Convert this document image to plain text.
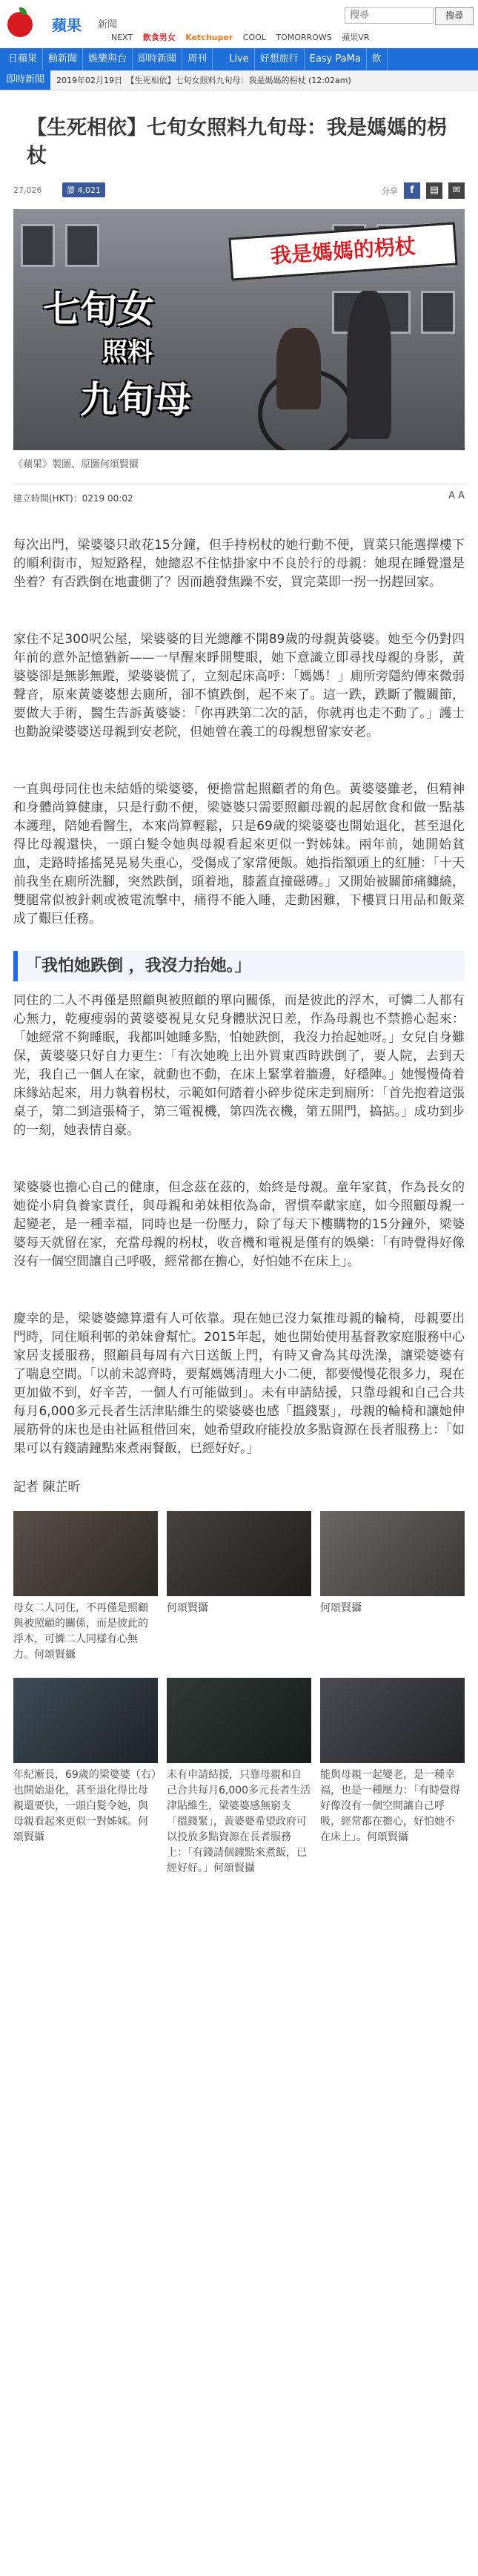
蘋果 新聞
搜尋	搜尋
NEXT 飲食男女 Ketchuper COOL TOMORROWS 蘋果VR
日蘋果	動新聞	娛樂與台	即時新聞	周刊	Live	好想旅行	Easy PaMa	飲
即時新聞	2019年02月19日　【生死相依】七旬女照料九旬母：我是媽媽的枴杖 (12:02am)
【生死相依】七旬女照料九旬母：我是媽媽的枴杖
27,026	讚 4,021	分享	f	▤	✉
我是媽媽的枴杖
七旬女
照料
九旬母
《蘋果》製圖、原圖何頌賢攝
建立時間(HKT)：0219 00:02	A A

每次出門，梁婆婆只敢花15分鐘，但手持柺杖的她行動不便，買菜只能選擇樓下的順利街市，短短路程，她總忍不住惦掛家中不良於行的母親：她現在睡覺還是坐着？有否跌倒在地畫側了？因而趟發焦躁不安，買完菜即一拐一拐趕回家。

家住不足300呎公屋，梁婆婆的目光總離不開89歲的母親黃婆婆。她至今仍對四年前的意外記憶猶新——一早醒來睜開雙眼，她下意識立即尋找母親的身影，黃婆婆卻是無影無蹤，梁婆婆慌了，立刻起床高呼：「媽媽！」廁所旁隱約傳來微弱聲音，原來黃婆婆想去廁所，卻不慎跌倒，起不來了。這一跌，跌斷了髖關節，要做大手術，醫生告訴黃婆婆：「你再跌第二次的話，你就再也走不動了。」護士也勸說梁婆婆送母親到安老院，但她曾在義工的母親想留家安老。

一直與母同住也未結婚的梁婆婆，便擔當起照顧者的角色。黃婆婆雖老，但精神和身體尚算健康，只是行動不便，梁婆婆只需要照顧母親的起居飲食和做一點基本護理，陪她看醫生，本來尚算輕鬆，只是69歲的梁婆婆也開始退化，甚至退化得比母親還快，一頭白髮令她與母親看起來更似一對姊妹。兩年前，她開始貧血，走路時搖搖晃晃易失重心，受傷成了家常便飯。她指指額頭上的紅腫：「十天前我坐在廁所洗腳，突然跌倒，頭着地，膝蓋直撞磁磚。」又開始被關節痛纏繞，雙腿常似被針刺或被電流擊中，痛得不能入睡，走動困難，下樓買日用品和飯菜成了艱巨任務。

「我怕她跌倒 ，我沒力抬她。」

同住的二人不再僅是照顧與被照顧的單向關係，而是彼此的浮木，可憐二人都有心無力，乾瘦瘦弱的黃婆婆視見女兒身體狀況日差，作為母親也不禁擔心起來：「她經常不夠睡眠，我都叫她睡多點，怕她跌倒，我沒力抬起她呀。」女兒自身難保，黃婆婆只好自力更生：「有次她晚上出外買東西時跌倒了，要人院，去到天光，我自己一個人在家，就動也不動，在床上緊掌着牆邊，好穩陣。」她慢慢倚着床緣站起來，用力執着柺杖，示範如何踏着小碎步從床走到廁所：「首先抱着這張桌子，第二到這張椅子，第三電視機，第四洗衣機，第五開門，搞掂。」成功到步的一刻，她表情自豪。

梁婆婆也擔心自己的健康，但念茲在茲的，始終是母親。童年家貧，作為長女的她從小肩負養家責任，與母親和弟妹相依為命，習慣奉獻家庭，如今照顧母親一起變老，是一種幸福，同時也是一份壓力，除了每天下樓購物的15分鐘外，梁婆婆每天就留在家，充當母親的柺杖，收音機和電視是僅有的娛樂：「有時覺得好像沒有一個空間讓自己呼吸，經常都在擔心，好怕她不在床上」。

慶幸的是，梁婆婆總算還有人可依靠。現在她已沒力氣推母親的輪椅，母親要出門時，同住順利邨的弟妹會幫忙。2015年起，她也開始使用基督教家庭服務中心家居支援服務，照顧員每周有六日送飯上門，有時又會為其母洗澡，讓梁婆婆有了喘息空間。「以前未認齊時，要幫媽媽清理大小二便，都要慢慢花很多力，現在更加做不到，好辛苦，一個人冇可能做到」。未有申請結援，只靠母親和自己合共每月6,000多元長者生活津貼維生的梁婆婆也感「搵錢緊」，母親的輪椅和讓她伸展筋骨的床也是由社區租借回來，她希望政府能投放多點資源在長者服務上：「如果可以有錢請鐘點來煮兩餐飯，已經好好。」

記者 陳芷昕
母女二人同住，不再僅是照顧與被照顧的關係，而是彼此的浮木，可憐二人同樣有心無力。何頌賢攝
何頌賢攝	何頌賢攝
年紀漸長，69歲的梁婆婆（右）也開始退化，甚至退化得比母親還要快，一頭白髮令她，與母親看起來更似一對姊妹。何頌賢攝
未有申請結援，只靠母親和自己合共每月6,000多元長者生活津貼維生，梁婆婆感無窮支「搵錢緊」，黃婆婆希望政府可以投放多點資源在長者服務上：「有錢請個鐘點來煮飯，已經好好。」何頌賢攝
能與母親一起變老，是一種幸福，也是一種壓力：「有時覺得好像沒有一個空間讓自己呼吸，經常都在擔心，好怕她不在床上」。何頌賢攝
